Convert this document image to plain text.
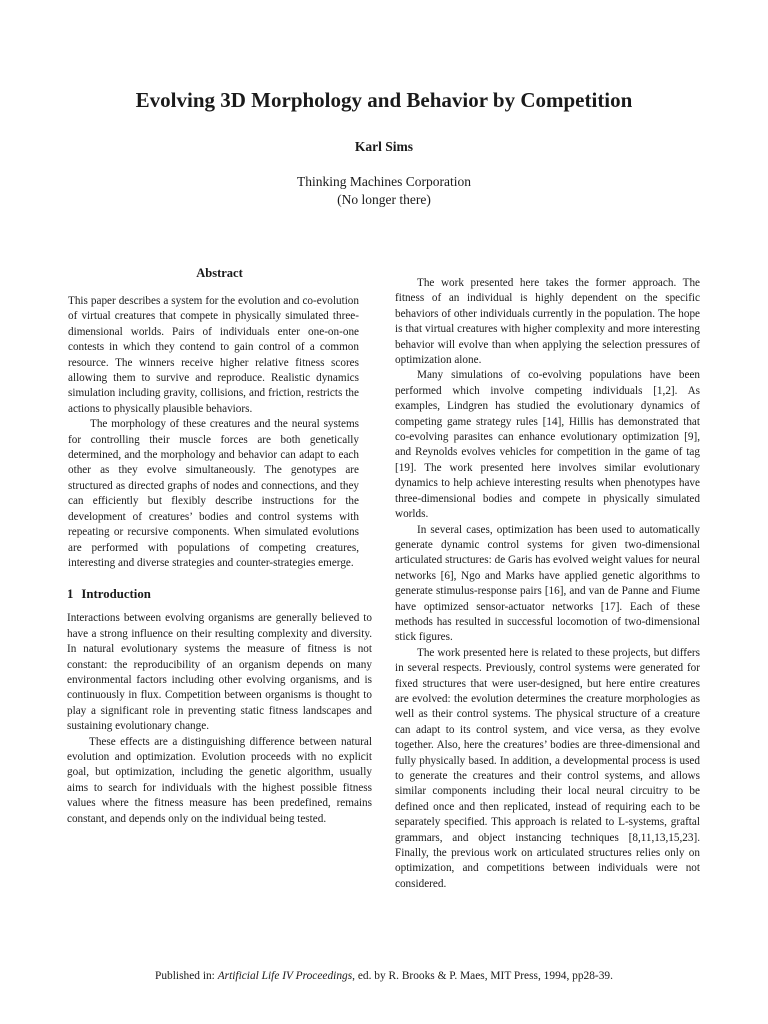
Evolving 3D Morphology and Behavior by Competition
Karl Sims
Thinking Machines Corporation
(No longer there)
Abstract

This paper describes a system for the evolution and co-evolution of virtual creatures that compete in physically simulated three-dimensional worlds. Pairs of individuals enter one-on-one contests in which they contend to gain control of a common resource. The winners receive higher relative fitness scores allowing them to survive and reproduce. Realistic dynamics simulation including gravity, collisions, and friction, restricts the actions to physically plausible behaviors.

The morphology of these creatures and the neural systems for controlling their muscle forces are both genetically determined, and the morphology and behavior can adapt to each other as they evolve simultaneously. The genotypes are structured as directed graphs of nodes and connections, and they can efficiently but flexibly describe instructions for the development of creatures’ bodies and control systems with repeating or recursive components. When simulated evolutions are performed with populations of competing creatures, interesting and diverse strategies and counter-strategies emerge.

1 Introduction

Interactions between evolving organisms are generally believed to have a strong influence on their resulting complexity and diversity. In natural evolutionary systems the measure of fitness is not constant: the reproducibility of an organism depends on many environmental factors including other evolving organisms, and is continuously in flux. Competition between organisms is thought to play a significant role in preventing static fitness landscapes and sustaining evolutionary change.

These effects are a distinguishing difference between natural evolution and optimization. Evolution proceeds with no explicit goal, but optimization, including the genetic algorithm, usually aims to search for individuals with the highest possible fitness values where the fitness measure has been predefined, remains constant, and depends only on the individual being tested.

The work presented here takes the former approach. The fitness of an individual is highly dependent on the specific behaviors of other individuals currently in the population. The hope is that virtual creatures with higher complexity and more interesting behavior will evolve than when applying the selection pressures of optimization alone.

Many simulations of co-evolving populations have been performed which involve competing individuals [1,2]. As examples, Lindgren has studied the evolutionary dynamics of competing game strategy rules [14], Hillis has demonstrated that co-evolving parasites can enhance evolutionary optimization [9], and Reynolds evolves vehicles for competition in the game of tag [19]. The work presented here involves similar evolutionary dynamics to help achieve interesting results when phenotypes have three-dimensional bodies and compete in physically simulated worlds.

In several cases, optimization has been used to automatically generate dynamic control systems for given two-dimensional articulated structures: de Garis has evolved weight values for neural networks [6], Ngo and Marks have applied genetic algorithms to generate stimulus-response pairs [16], and van de Panne and Fiume have optimized sensor-actuator networks [17]. Each of these methods has resulted in successful locomotion of two-dimensional stick figures.

The work presented here is related to these projects, but differs in several respects. Previously, control systems were generated for fixed structures that were user-designed, but here entire creatures are evolved: the evolution determines the creature morphologies as well as their control systems. The physical structure of a creature can adapt to its control system, and vice versa, as they evolve together. Also, here the creatures’ bodies are three-dimensional and fully physically based. In addition, a developmental process is used to generate the creatures and their control systems, and allows similar components including their local neural circuitry to be defined once and then replicated, instead of requiring each to be separately specified. This approach is related to L-systems, graftal grammars, and object instancing techniques [8,11,13,15,23]. Finally, the previous work on articulated structures relies only on optimization, and competitions between individuals were not considered.

Published in: Artificial Life IV Proceedings, ed. by R. Brooks & P. Maes, MIT Press, 1994, pp28-39.
